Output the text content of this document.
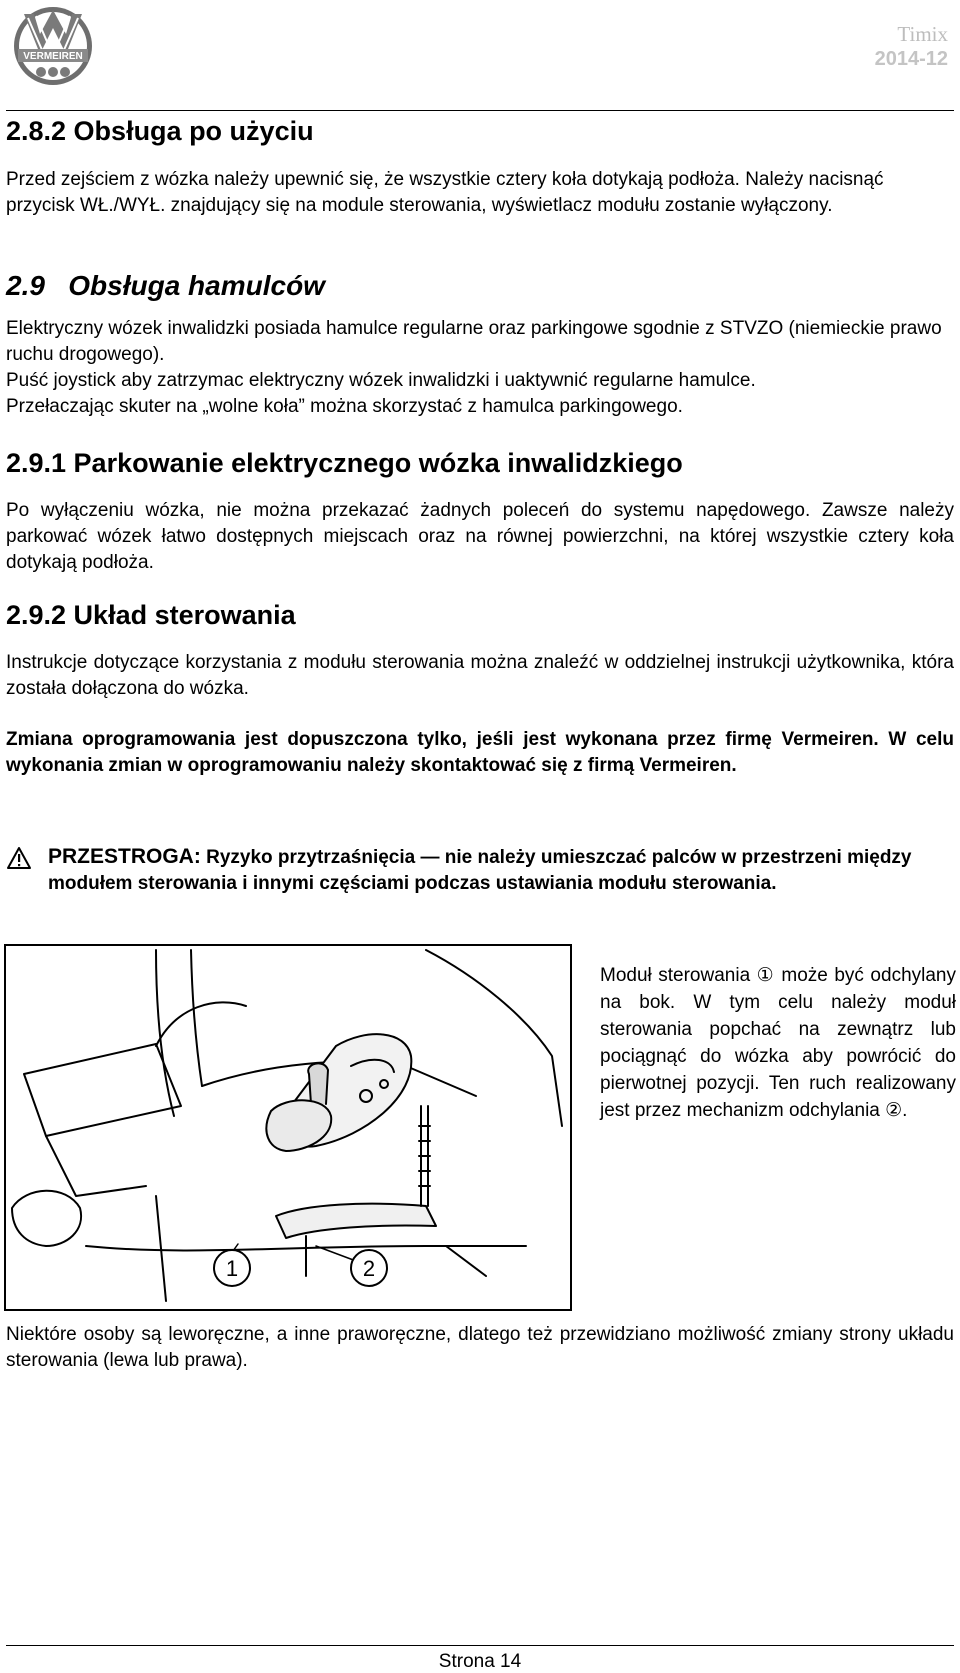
VERMEIREN
Timix
2014-12
2.8.2 Obsługa po użyciu

Przed zejściem z wózka należy upewnić się, że wszystkie cztery koła dotykają podłoża. Należy nacisnąć przycisk WŁ./WYŁ. znajdujący się na module sterowania, wyświetlacz modułu zostanie wyłączony.

2.9   Obsługa hamulców

Elektryczny wózek inwalidzki posiada hamulce regularne oraz parkingowe sgodnie z STVZO (niemieckie prawo ruchu drogowego).

Puść joystick aby zatrzymac elektryczny wózek inwalidzki i uaktywnić regularne hamulce.

Przełaczając skuter na „wolne koła” można skorzystać z hamulca parkingowego.

2.9.1 Parkowanie elektrycznego wózka inwalidzkiego

Po wyłączeniu wózka, nie można przekazać żadnych poleceń do systemu napędowego. Zawsze należy parkować wózek łatwo dostępnych miejscach oraz na równej powierzchni, na której wszystkie cztery koła dotykają podłoża.

2.9.2 Układ sterowania

Instrukcje dotyczące korzystania z modułu sterowania można znaleźć w oddzielnej instrukcji użytkownika, która została dołączona do wózka.

Zmiana oprogramowania jest dopuszczona tylko, jeśli jest wykonana przez firmę Vermeiren. W celu wykonania zmian w oprogramowaniu należy skontaktować się z firmą Vermeiren.

PRZESTROGA: Ryzyko przytrzaśnięcia — nie należy umieszczać palców w przestrzeni między modułem sterowania i innymi częściami podczas ustawiania modułu sterowania.
1	2

Moduł sterowania ① może być odchylany na bok. W tym celu należy moduł sterowania popchać na zewnątrz lub pociągnąć do wózka aby powrócić do pierwotnej pozycji. Ten ruch realizowany jest przez mechanizm odchylania ②.

Niektóre osoby są leworęczne, a inne praworęczne, dlatego też przewidziano możliwość zmiany strony układu sterowania (lewa lub prawa).

Strona 14
